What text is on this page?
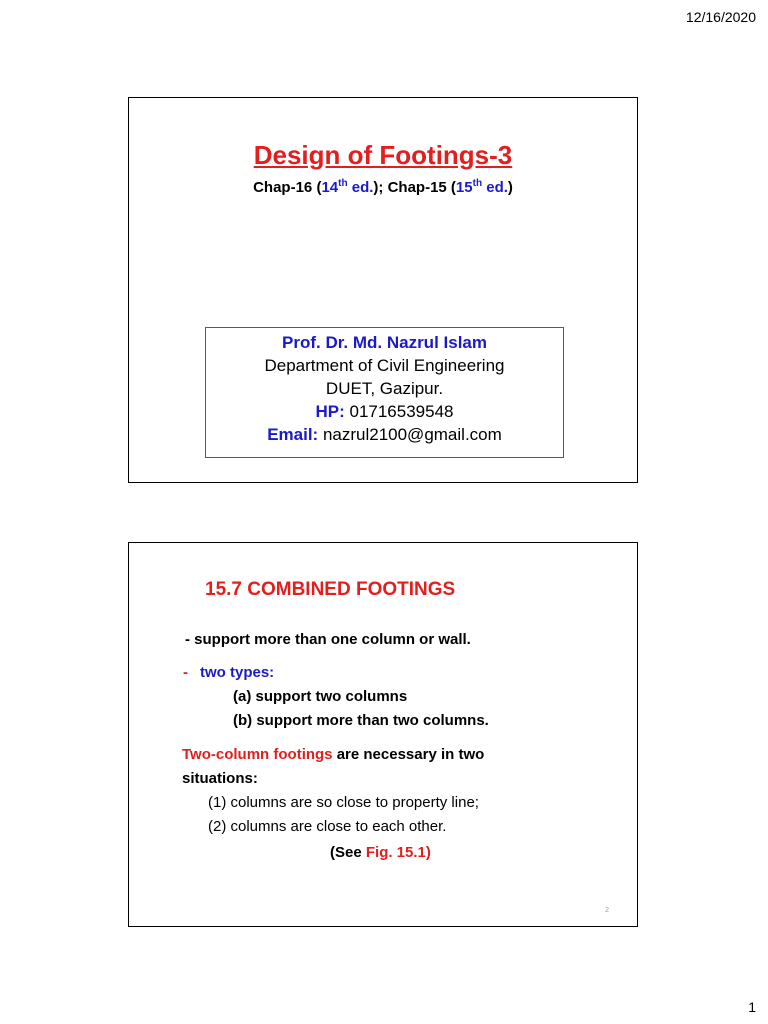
12/16/2020
Design of Footings-3
Chap-16 (14th ed.); Chap-15 (15th ed.)
Prof. Dr. Md. Nazrul Islam
Department of Civil Engineering
DUET, Gazipur.
HP: 01716539548
Email: nazrul2100@gmail.com
15.7 COMBINED FOOTINGS
- support more than one column or wall.
- two types:
(a) support two columns
(b) support more than two columns.
Two-column footings are necessary in two
situations:
(1) columns are so close to property line;
(2) columns are close to each other.
(See Fig. 15.1)
2
1
